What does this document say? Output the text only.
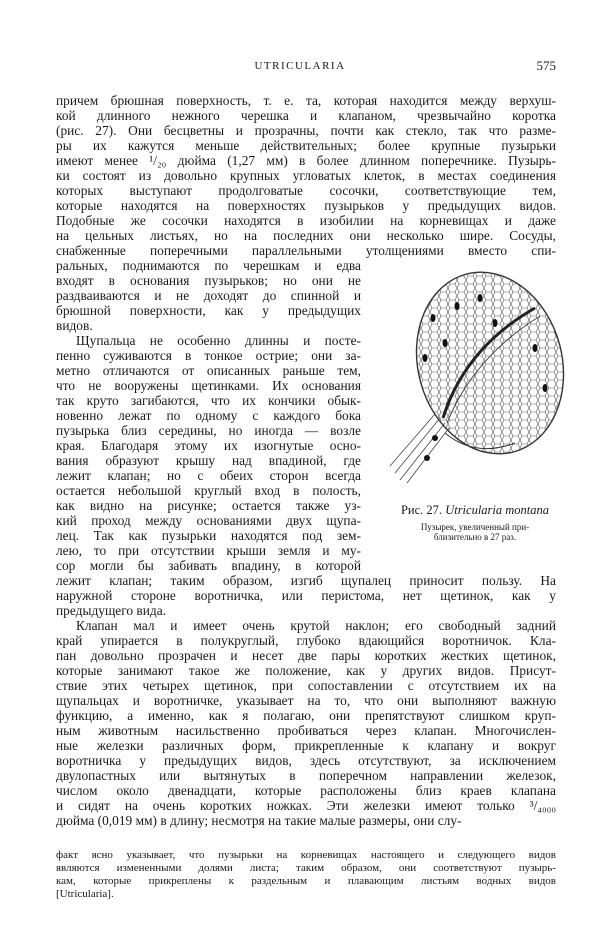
UTRICULARIA	575
причем брюшная поверхность, т. е. та, которая находится между верхуш-
кой длинного нежного черешка и клапаном, чрезвычайно коротка
(рис. 27). Они бесцветны и прозрачны, почти как стекло, так что разме-
ры их кажутся меньше действительных; более крупные пузырьки
имеют менее ¹/₂₀ дюйма (1,27 мм) в более длинном поперечнике. Пузырь-
ки состоят из довольно крупных угловатых клеток, в местах соединения
которых выступают продолговатые сосочки, соответствующие тем,
которые находятся на поверхностях пузырьков у предыдущих видов.
Подобные же сосочки находятся в изобилии на корневищах и даже
на цельных листьях, но на последних они несколько шире. Сосуды,
снабженные поперечными параллельными утолщениями вместо спи-
ральных, поднимаются по черешкам и едва
входят в основания пузырьков; но они не
раздваиваются и не доходят до спинной и
брюшной поверхности, как у предыдущих
видов.
Щупальца не особенно длинны и посте-
пенно суживаются в тонкое острие; они за-
метно отличаются от описанных раньше тем,
что не вооружены щетинками. Их основания
так круто загибаются, что их кончики обык-
новенно лежат по одному с каждого бока
пузырька близ середины, но иногда — возле
края. Благодаря этому их изогнутые осно-
вания образуют крышу над впадиной, где
лежит клапан; но с обеих сторон всегда
остается небольшой круглый вход в полость,
как видно на рисунке; остается также уз-
кий проход между основаниями двух щупа-
лец. Так как пузырьки находятся под зем-
лею, то при отсутствии крыши земля и му-
сор могли бы забивать впадину, в которой
лежит клапан; таким образом, изгиб щупалец приносит пользу. На
наружной стороне воротничка, или перистома, нет щетинок, как у
предыдущего вида.
Клапан мал и имеет очень крутой наклон; его свободный задний
край упирается в полукруглый, глубоко вдающийся воротничок. Кла-
пан довольно прозрачен и несет две пары коротких жестких щетинок,
которые занимают такое же положение, как у других видов. Присут-
ствие этих четырех щетинок, при сопоставлении с отсутствием их на
щупальцах и воротничке, указывает на то, что они выполняют важную
функцию, а именно, как я полагаю, они препятствуют слишком круп-
ным животным насильственно пробиваться через клапан. Многочислен-
ные железки различных форм, прикрепленные к клапану и вокруг
воротничка у предыдущих видов, здесь отсутствуют, за исключением
двулопастных или вытянутых в поперечном направлении железок,
числом около двенадцати, которые расположены близ краев клапана
и сидят на очень коротких ножках. Эти железки имеют только ³/₄₀₀₀
дюйма (0,019 мм) в длину; несмотря на такие малые размеры, они слу-
факт ясно указывает, что пузырьки на корневищах настоящего и следующего видов
являются измененными долями листа; таким образом, они соответствуют пузырь-
кам, которые прикреплены к раздельным и плавающим листьям водных видов
[Utricularia].
Рис. 27. Utricularia montana
Пузырек, увеличенный при-
близительно в 27 раз.
